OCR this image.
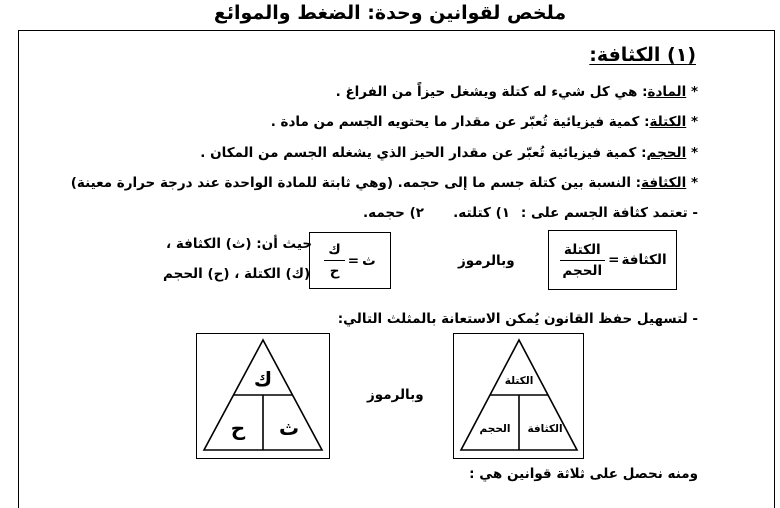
ملخص لقوانين وحدة: الضغط والموائع
(١) الكثافة:
* المادة: هي كل شيء له كتلة ويشغل حيزاً من الفراغ .
* الكتلة: كمية فيزيائية تُعبّر عن مقدار ما يحتويه الجسم من مادة .
* الحجم: كمية فيزيائية تُعبّر عن مقدار الحيز الذي يشغله الجسم من المكان .
* الكثافة: النسبة بين كتلة جسم ما إلى حجمه. (وهي ثابتة للمادة الواحدة عند درجة حرارة معينة)
- تعتمد كثافة الجسم على :
١) كتلته.
٢) حجمه.
الكثافة
=
$\frac{\text{الكتلة}}{\text{الحجم}}$
وبالرموز
ث
=
$\frac{\text{ك}}{\text{ح}}$
حيث أن: (ث) الكثافة ،
(ك) الكتلة ، (ح) الحجم
- لتسهيل حفظ القانون يُمكن الاستعانة بالمثلث التالي:
الكتلة
الحجم الكثافة
وبالرموز
ك
ح ث
ومنه نحصل على ثلاثة قوانين هي :
